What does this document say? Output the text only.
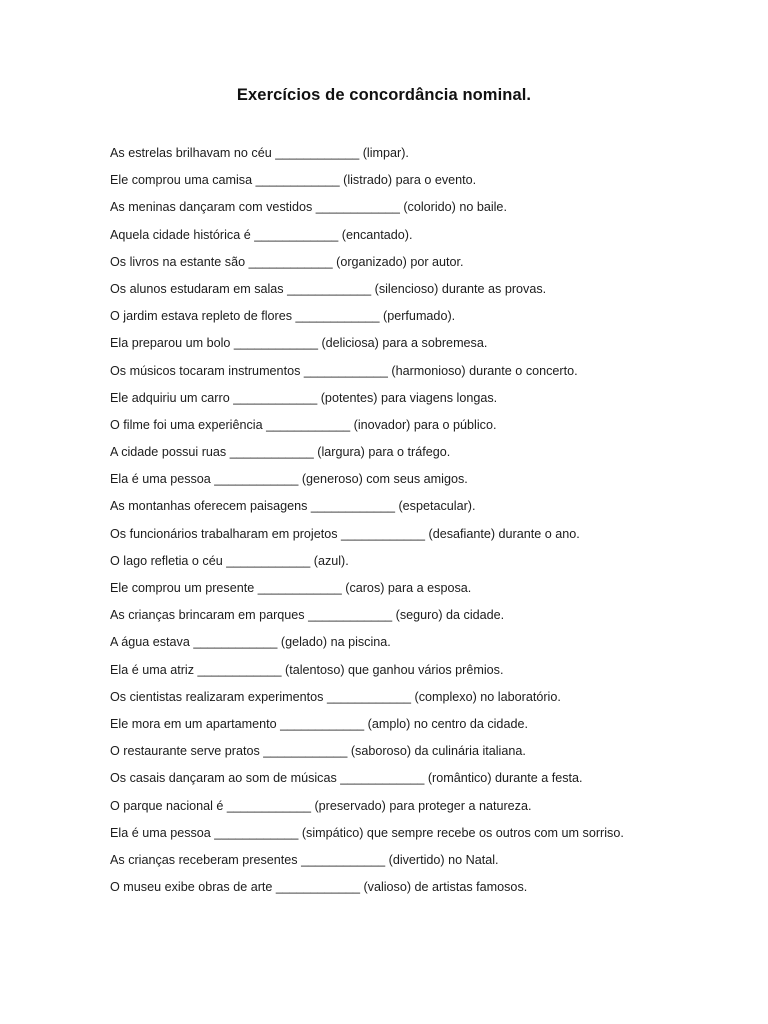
Exercícios de concordância nominal.
As estrelas brilhavam no céu ____________ (limpar).
Ele comprou uma camisa ____________ (listrado) para o evento.
As meninas dançaram com vestidos ____________ (colorido) no baile.
Aquela cidade histórica é ____________ (encantado).
Os livros na estante são ____________ (organizado) por autor.
Os alunos estudaram em salas ____________ (silencioso) durante as provas.
O jardim estava repleto de flores ____________ (perfumado).
Ela preparou um bolo ____________ (deliciosa) para a sobremesa.
Os músicos tocaram instrumentos ____________ (harmonioso) durante o concerto.
Ele adquiriu um carro ____________ (potentes) para viagens longas.
O filme foi uma experiência ____________ (inovador) para o público.
A cidade possui ruas ____________ (largura) para o tráfego.
Ela é uma pessoa ____________ (generoso) com seus amigos.
As montanhas oferecem paisagens ____________ (espetacular).
Os funcionários trabalharam em projetos ____________ (desafiante) durante o ano.
O lago refletia o céu ____________ (azul).
Ele comprou um presente ____________ (caros) para a esposa.
As crianças brincaram em parques ____________ (seguro) da cidade.
A água estava ____________ (gelado) na piscina.
Ela é uma atriz ____________ (talentoso) que ganhou vários prêmios.
Os cientistas realizaram experimentos ____________ (complexo) no laboratório.
Ele mora em um apartamento ____________ (amplo) no centro da cidade.
O restaurante serve pratos ____________ (saboroso) da culinária italiana.
Os casais dançaram ao som de músicas ____________ (romântico) durante a festa.
O parque nacional é ____________ (preservado) para proteger a natureza.
Ela é uma pessoa ____________ (simpático) que sempre recebe os outros com um sorriso.
As crianças receberam presentes ____________ (divertido) no Natal.
O museu exibe obras de arte ____________ (valioso) de artistas famosos.
